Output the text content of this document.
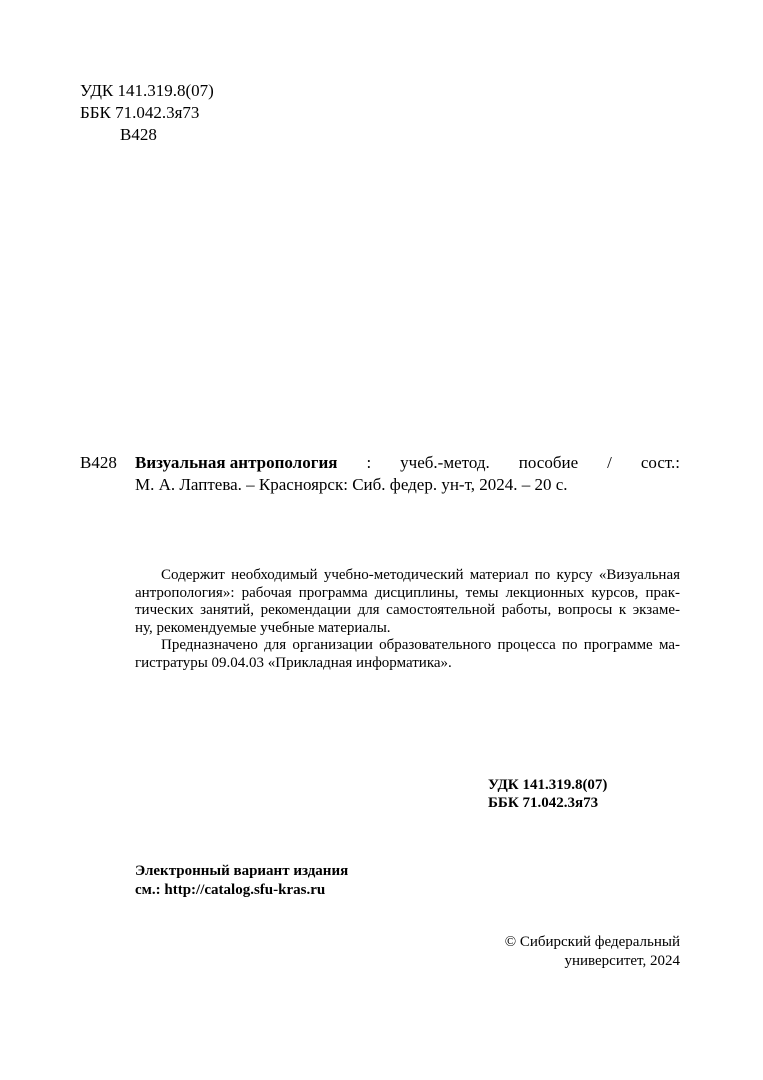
УДК 141.319.8(07)
ББК 71.042.3я73
В428
В428 Визуальная антропология : учеб.-метод. пособие / сост.:
М. А. Лаптева. – Красноярск: Сиб. федер. ун-т, 2024. – 20 с.
Содержит необходимый учебно-методический материал по курсу «Визуальная
антропология»: рабочая программа дисциплины, темы лекционных курсов, прак-
тических занятий, рекомендации для самостоятельной работы, вопросы к экзаме-
ну, рекомендуемые учебные материалы.
Предназначено для организации образовательного процесса по программе ма-
гистратуры 09.04.03 «Прикладная информатика».
УДК 141.319.8(07)
ББК 71.042.3я73
Электронный вариант издания
см.: http://catalog.sfu-kras.ru
© Сибирский федеральный
университет, 2024
